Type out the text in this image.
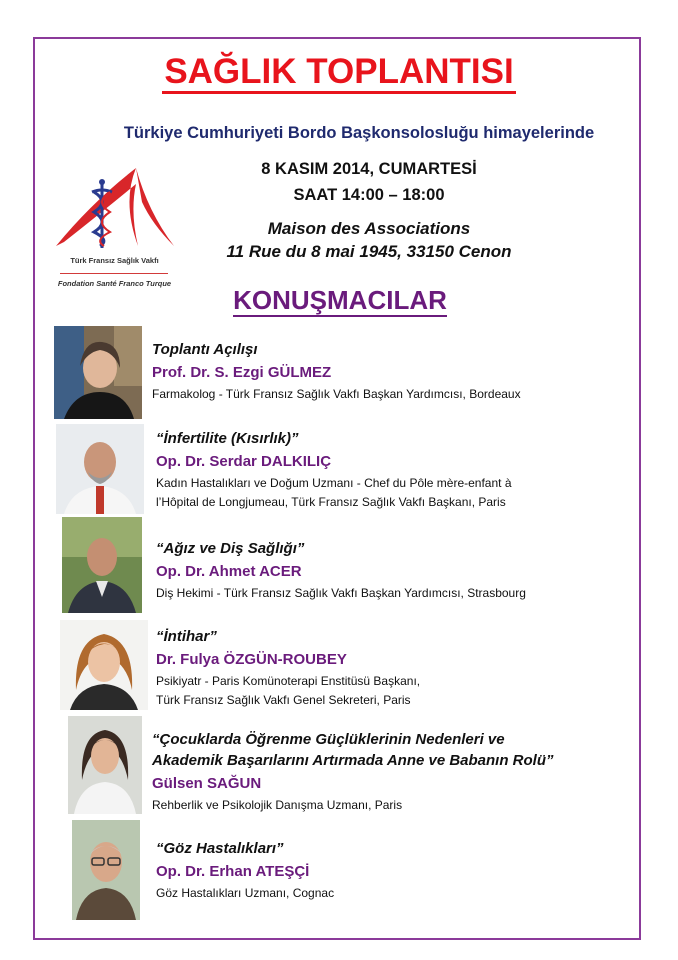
SAĞLIK TOPLANTISI
Türkiye Cumhuriyeti Bordo Başkonsolosluğu himayelerinde
8 KASIM 2014, CUMARTESİ
SAAT 14:00 – 18:00
Maison des Associations
11 Rue du 8 mai 1945, 33150 Cenon
Türk Fransız Sağlık Vakfı
Fondation Santé Franco Turque
KONUŞMACILAR
Toplantı Açılışı
Prof. Dr. S. Ezgi GÜLMEZ
Farmakolog - Türk Fransız Sağlık Vakfı Başkan Yardımcısı, Bordeaux
“İnfertilite (Kısırlık)”
Op. Dr. Serdar DALKILIÇ
Kadın Hastalıkları ve Doğum Uzmanı - Chef du Pôle mère-enfant à
l’Hôpital de Longjumeau, Türk Fransız Sağlık Vakfı Başkanı, Paris
“Ağız ve Diş Sağlığı”
Op. Dr. Ahmet ACER
Diş Hekimi - Türk Fransız Sağlık Vakfı Başkan Yardımcısı, Strasbourg
“İntihar”
Dr. Fulya ÖZGÜN-ROUBEY
Psikiyatr - Paris Komünoterapi Enstitüsü Başkanı,
Türk Fransız Sağlık Vakfı Genel Sekreteri, Paris
“Çocuklarda Öğrenme Güçlüklerinin Nedenleri ve
Akademik Başarılarını Artırmada Anne ve Babanın Rolü”
Gülsen SAĞUN
Rehberlik ve Psikolojik Danışma Uzmanı, Paris
“Göz Hastalıkları”
Op. Dr. Erhan ATEŞÇİ
Göz Hastalıkları Uzmanı, Cognac
